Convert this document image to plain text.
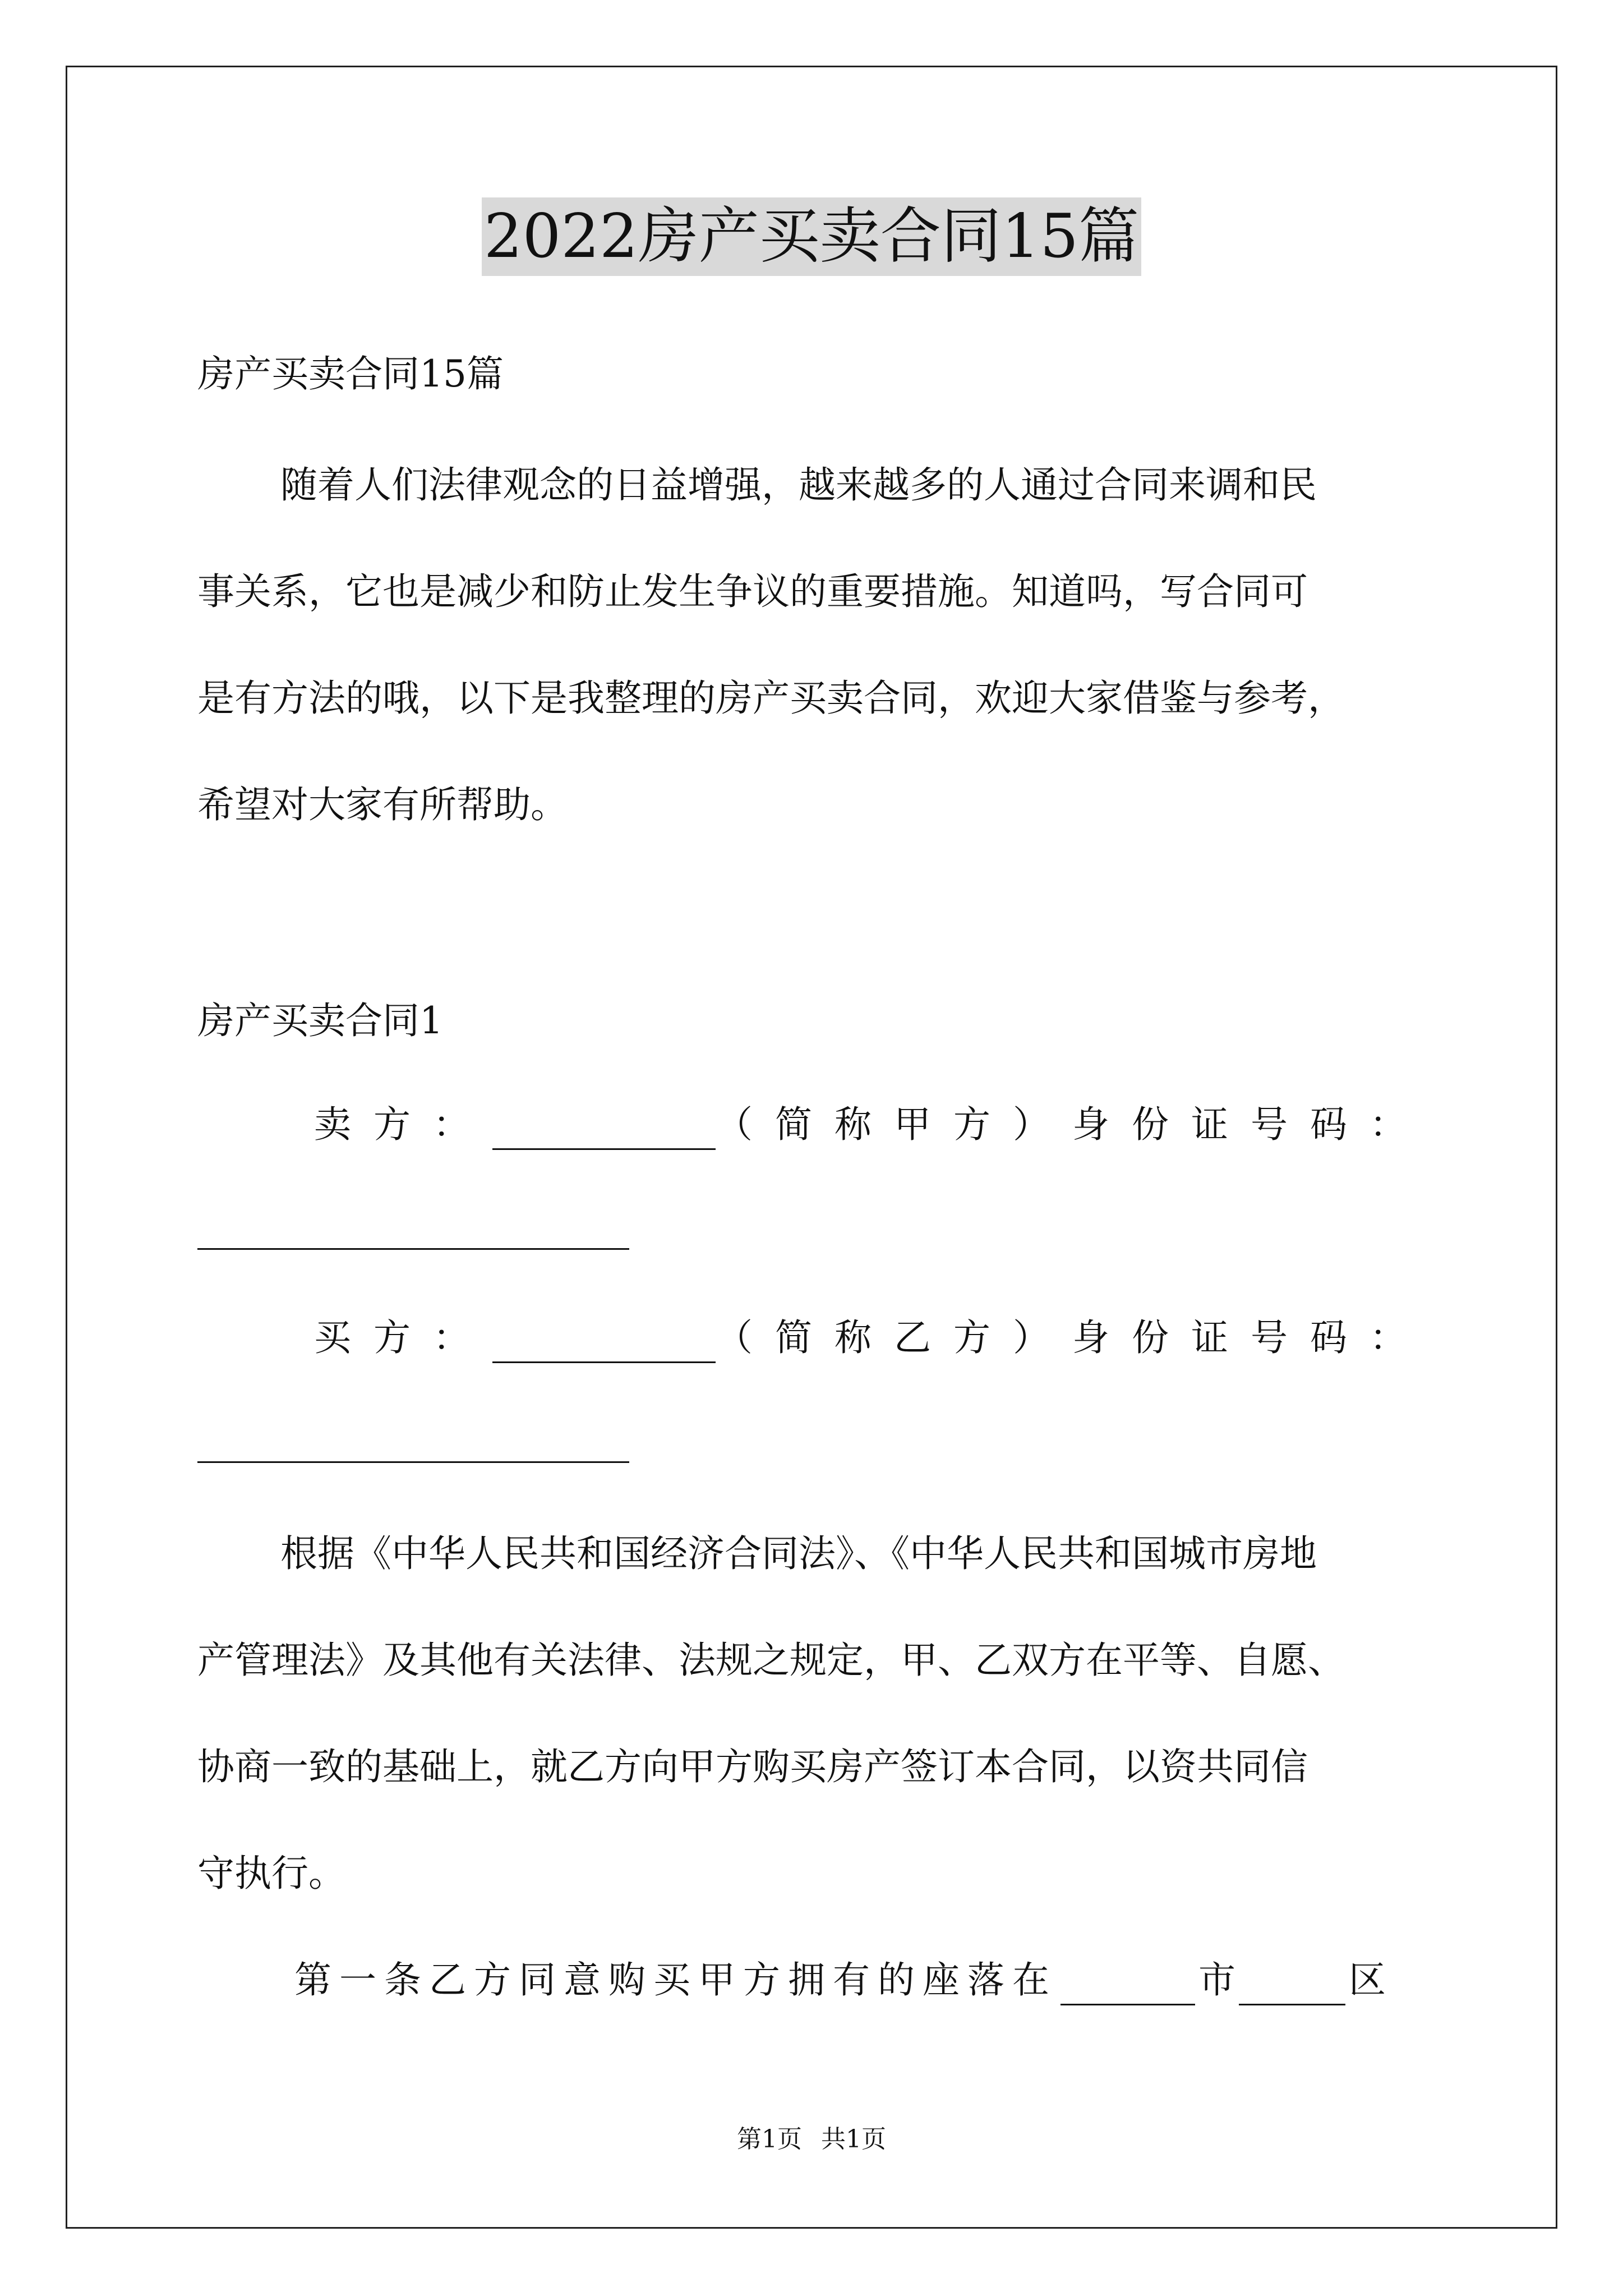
2022房产买卖合同15篇
房产买卖合同15篇
随着人们法律观念的日益增强，越来越多的人通过合同来调和民
事关系，它也是减少和防止发生争议的重要措施。知道吗，写合同可
是有方法的哦，以下是我整理的房产买卖合同，欢迎大家借鉴与参考，
希望对大家有所帮助。
房产买卖合同1
卖方：	（简称甲方）身份证号码：
买方：	（简称乙方）身份证号码：
根据《中华人民共和国经济合同法》、《中华人民共和国城市房地
产管理法》及其他有关法律、法规之规定，甲、乙双方在平等、自愿、
协商一致的基础上，就乙方向甲方购买房产签订本合同，以资共同信
守执行。
第一条乙方同意购买甲方拥有的座落在	市	区
第1页 共1页
